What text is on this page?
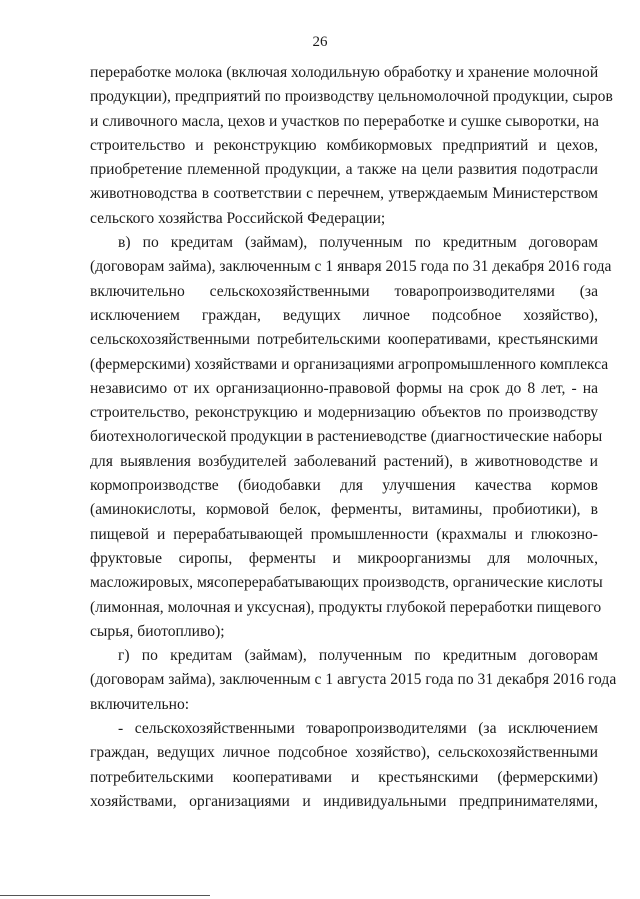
26
переработке молока (включая холодильную обработку и хранение молочной
продукции), предприятий по производству цельномолочной продукции, сыров
и сливочного масла, цехов и участков по переработке и сушке сыворотки, на
строительство и реконструкцию комбикормовых предприятий и цехов,
приобретение племенной продукции, а также на цели развития подотрасли
животноводства в соответствии с перечнем, утверждаемым Министерством
сельского хозяйства Российской Федерации;
в) по кредитам (займам), полученным по кредитным договорам
(договорам займа), заключенным с 1 января 2015 года по 31 декабря 2016 года
включительно сельскохозяйственными товаропроизводителями (за
исключением граждан, ведущих личное подсобное хозяйство),
сельскохозяйственными потребительскими кооперативами, крестьянскими
(фермерскими) хозяйствами и организациями агропромышленного комплекса
независимо от их организационно-правовой формы на срок до 8 лет, - на
строительство, реконструкцию и модернизацию объектов по производству
биотехнологической продукции в растениеводстве (диагностические наборы
для выявления возбудителей заболеваний растений), в животноводстве и
кормопроизводстве (биодобавки для улучшения качества кормов
(аминокислоты, кормовой белок, ферменты, витамины, пробиотики), в
пищевой и перерабатывающей промышленности (крахмалы и глюкозно-
фруктовые сиропы, ферменты и микроорганизмы для молочных,
масложировых, мясоперерабатывающих производств, органические кислоты
(лимонная, молочная и уксусная), продукты глубокой переработки пищевого
сырья, биотопливо);
г) по кредитам (займам), полученным по кредитным договорам
(договорам займа), заключенным с 1 августа 2015 года по 31 декабря 2016 года
включительно:
- сельскохозяйственными товаропроизводителями (за исключением
граждан, ведущих личное подсобное хозяйство), сельскохозяйственными
потребительскими кооперативами и крестьянскими (фермерскими)
хозяйствами, организациями и индивидуальными предпринимателями,
